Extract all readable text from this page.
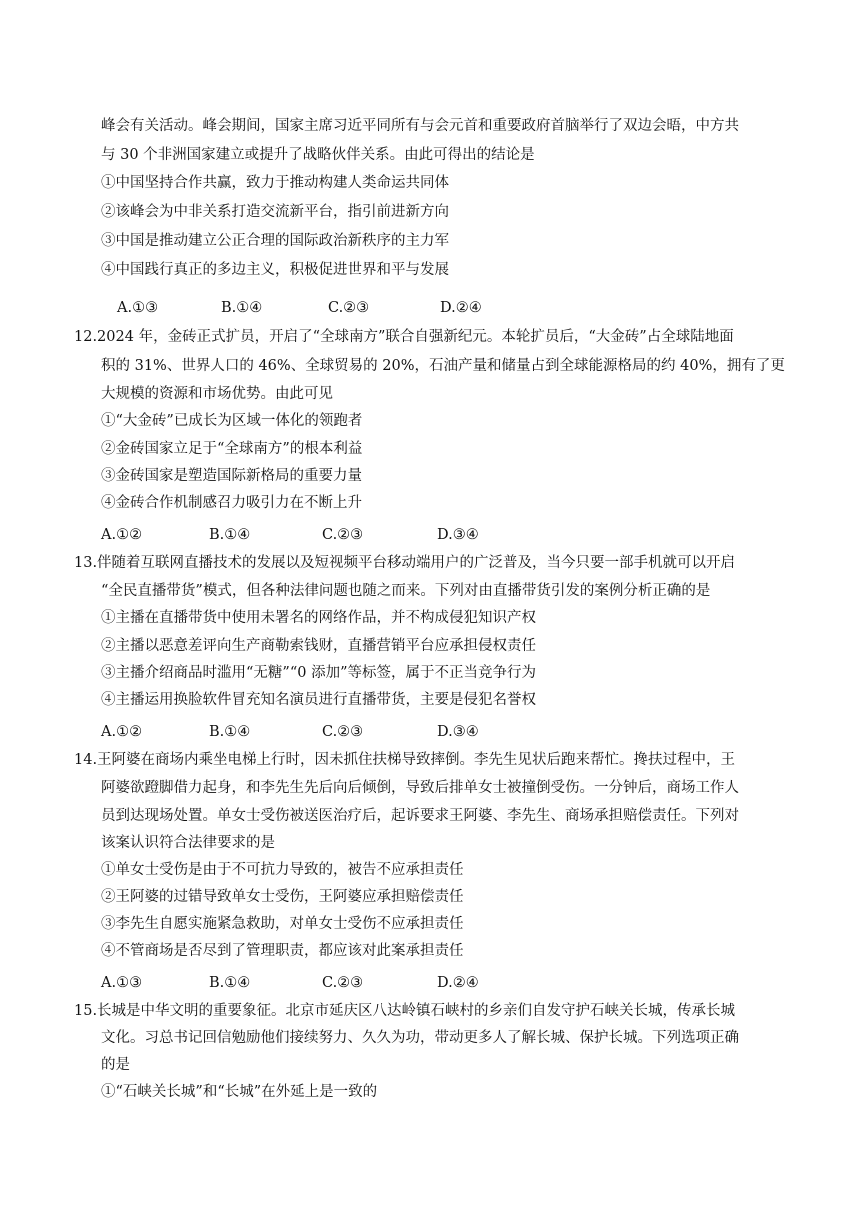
峰会有关活动。峰会期间，国家主席习近平同所有与会元首和重要政府首脑举行了双边会晤，中方共
与 30 个非洲国家建立或提升了战略伙伴关系。由此可得出的结论是
①中国坚持合作共赢，致力于推动构建人类命运共同体
②该峰会为中非关系打造交流新平台，指引前进新方向
③中国是推动建立公正合理的国际政治新秩序的主力军
④中国践行真正的多边主义，积极促进世界和平与发展
A.①③	B.①④	C.②③	D.②④
12.2024 年，金砖正式扩员，开启了“全球南方”联合自强新纪元。本轮扩员后，“大金砖”占全球陆地面
积的 31%、世界人口的 46%、全球贸易的 20%，石油产量和储量占到全球能源格局的约 40%，拥有了更
大规模的资源和市场优势。由此可见
①“大金砖”已成长为区域一体化的领跑者
②金砖国家立足于“全球南方”的根本利益
③金砖国家是塑造国际新格局的重要力量
④金砖合作机制感召力吸引力在不断上升
A.①②	B.①④	C.②③	D.③④
13.伴随着互联网直播技术的发展以及短视频平台移动端用户的广泛普及，当今只要一部手机就可以开启
“全民直播带货”模式，但各种法律问题也随之而来。下列对由直播带货引发的案例分析正确的是
①主播在直播带货中使用未署名的网络作品，并不构成侵犯知识产权
②主播以恶意差评向生产商勒索钱财，直播营销平台应承担侵权责任
③主播介绍商品时滥用“无糖”“0 添加”等标签，属于不正当竞争行为
④主播运用换脸软件冒充知名演员进行直播带货，主要是侵犯名誉权
A.①②	B.①④	C.②③	D.③④
14.王阿婆在商场内乘坐电梯上行时，因未抓住扶梯导致摔倒。李先生见状后跑来帮忙。搀扶过程中，王
阿婆欲蹬脚借力起身，和李先生先后向后倾倒，导致后排单女士被撞倒受伤。一分钟后，商场工作人
员到达现场处置。单女士受伤被送医治疗后，起诉要求王阿婆、李先生、商场承担赔偿责任。下列对
该案认识符合法律要求的是
①单女士受伤是由于不可抗力导致的，被告不应承担责任
②王阿婆的过错导致单女士受伤，王阿婆应承担赔偿责任
③李先生自愿实施紧急救助，对单女士受伤不应承担责任
④不管商场是否尽到了管理职责，都应该对此案承担责任
A.①③	B.①④	C.②③	D.②④
15.长城是中华文明的重要象征。北京市延庆区八达岭镇石峡村的乡亲们自发守护石峡关长城，传承长城
文化。习总书记回信勉励他们接续努力、久久为功，带动更多人了解长城、保护长城。下列选项正确
的是
①“石峡关长城”和“长城”在外延上是一致的
